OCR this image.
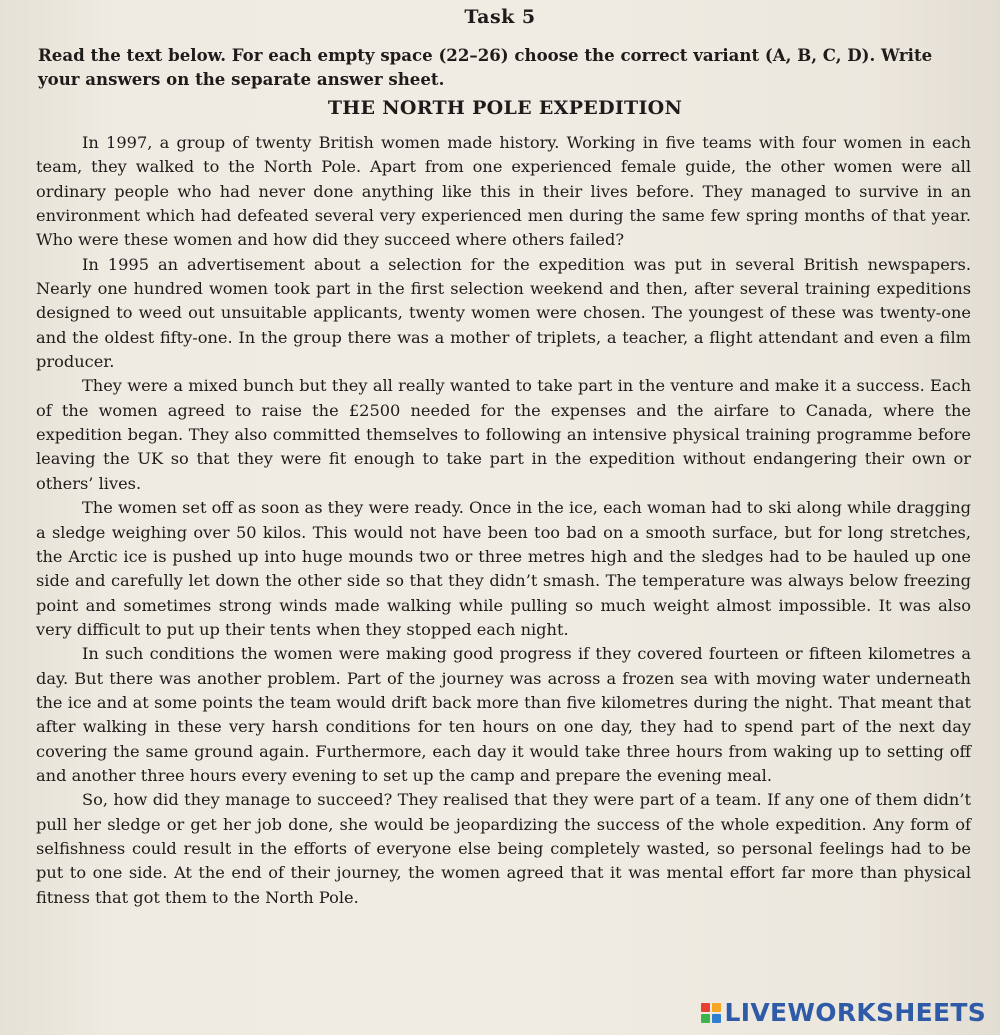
Task 5

Read the text below. For each empty space (22–26) choose the correct variant (A, B, C, D). Write your answers on the separate answer sheet.

THE NORTH POLE EXPEDITION

In 1997, a group of twenty British women made history. Working in five teams with four women in each team, they walked to the North Pole. Apart from one experienced female guide, the other women were all ordinary people who had never done anything like this in their lives before. They managed to survive in an environment which had defeated several very experienced men during the same few spring months of that year. Who were these women and how did they succeed where others failed?

In 1995 an advertisement about a selection for the expedition was put in several British newspapers. Nearly one hundred women took part in the first selection weekend and then, after several training expeditions designed to weed out unsuitable applicants, twenty women were chosen. The youngest of these was twenty-one and the oldest fifty-one. In the group there was a mother of triplets, a teacher, a flight attendant and even a film producer.

They were a mixed bunch but they all really wanted to take part in the venture and make it a success. Each of the women agreed to raise the £2500 needed for the expenses and the airfare to Canada, where the expedition began. They also committed themselves to following an intensive physical training programme before leaving the UK so that they were fit enough to take part in the expedition without endangering their own or others’ lives.

The women set off as soon as they were ready. Once in the ice, each woman had to ski along while dragging a sledge weighing over 50 kilos. This would not have been too bad on a smooth surface, but for long stretches, the Arctic ice is pushed up into huge mounds two or three metres high and the sledges had to be hauled up one side and carefully let down the other side so that they didn’t smash. The temperature was always below freezing point and sometimes strong winds made walking while pulling so much weight almost impossible. It was also very difficult to put up their tents when they stopped each night.

In such conditions the women were making good progress if they covered fourteen or fifteen kilometres a day. But there was another problem. Part of the journey was across a frozen sea with moving water underneath the ice and at some points the team would drift back more than five kilometres during the night. That meant that after walking in these very harsh conditions for ten hours on one day, they had to spend part of the next day covering the same ground again. Furthermore, each day it would take three hours from waking up to setting off and another three hours every evening to set up the camp and prepare the evening meal.

So, how did they manage to succeed? They realised that they were part of a team. If any one of them didn’t pull her sledge or get her job done, she would be jeopardizing the success of the whole expedition. Any form of selfishness could result in the efforts of everyone else being completely wasted, so personal feelings had to be put to one side. At the end of their journey, the women agreed that it was mental effort far more than physical fitness that got them to the North Pole.

LIVEWORKSHEETS
